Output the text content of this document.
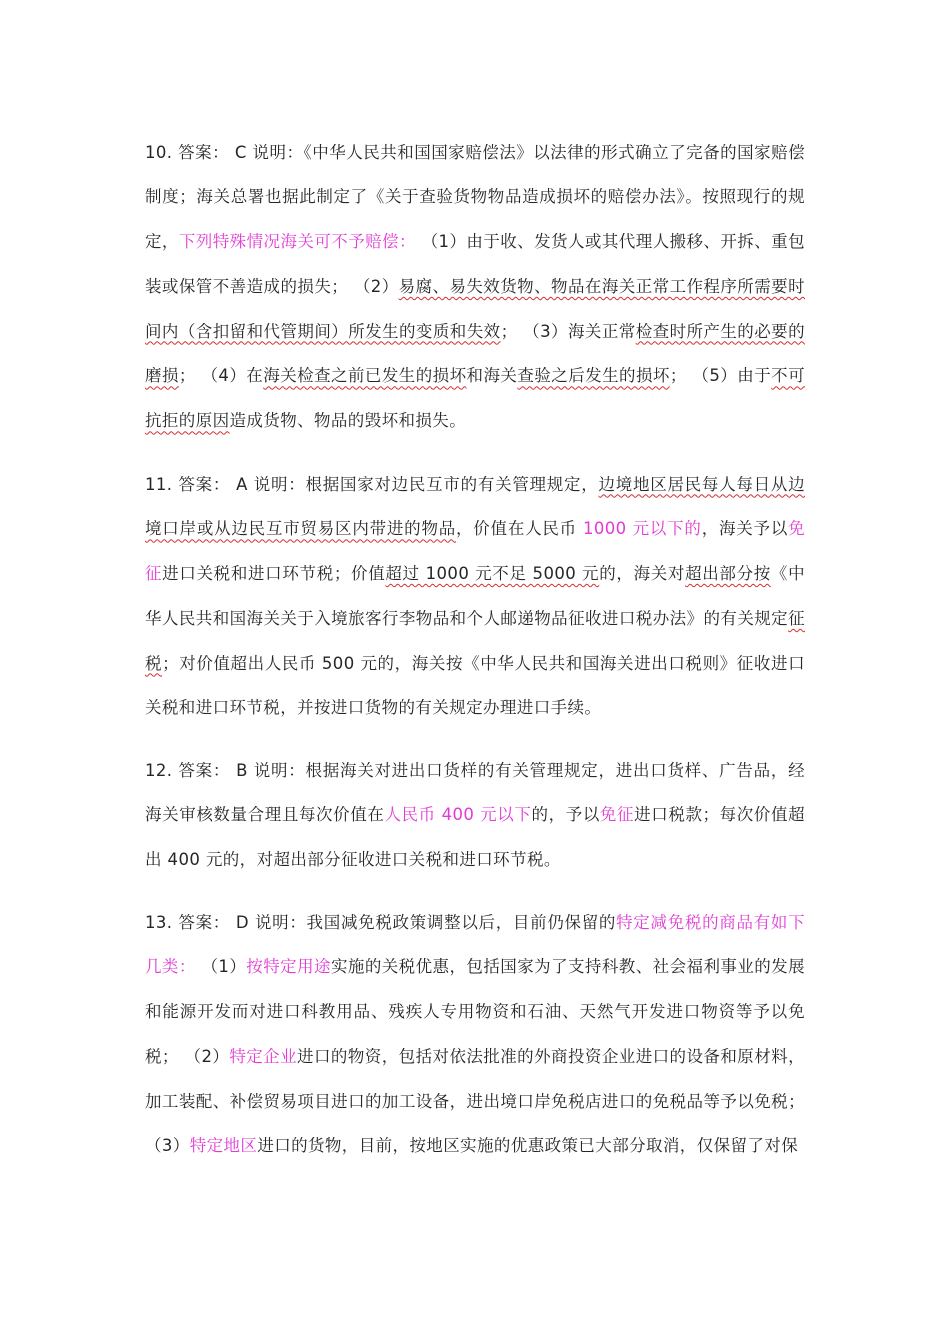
10. 答案： C 说明：《中华人民共和国国家赔偿法》以法律的形式确立了完备的国家赔偿制度；海关总署也据此制定了《关于查验货物物品造成损坏的赔偿办法》。按照现行的规定，下列特殊情况海关可不予赔偿： （1）由于收、发货人或其代理人搬移、开拆、重包装或保管不善造成的损失； （2）易腐、易失效货物、物品在海关正常工作程序所需要时间内（含扣留和代管期间）所发生的变质和失效； （3）海关正常检查时所产生的必要的磨损； （4）在海关检查之前已发生的损坏和海关查验之后发生的损坏； （5）由于不可抗拒的原因造成货物、物品的毁坏和损失。

11. 答案： A 说明：根据国家对边民互市的有关管理规定，边境地区居民每人每日从边境口岸或从边民互市贸易区内带进的物品，价值在人民币 1000 元以下的，海关予以免征进口关税和进口环节税；价值超过 1000 元不足 5000 元的，海关对超出部分按《中华人民共和国海关关于入境旅客行李物品和个人邮递物品征收进口税办法》的有关规定征税；对价值超出人民币 500 元的，海关按《中华人民共和国海关进出口税则》征收进口关税和进口环节税，并按进口货物的有关规定办理进口手续。

12. 答案： B 说明：根据海关对进出口货样的有关管理规定，进出口货样、广告品，经海关审核数量合理且每次价值在人民币 400 元以下的，予以免征进口税款；每次价值超出 400 元的，对超出部分征收进口关税和进口环节税。

13. 答案： D 说明：我国减免税政策调整以后，目前仍保留的特定减免税的商品有如下几类： （1）按特定用途实施的关税优惠，包括国家为了支持科教、社会福利事业的发展和能源开发而对进口科教用品、残疾人专用物资和石油、天然气开发进口物资等予以免税； （2）特定企业进口的物资，包括对依法批准的外商投资企业进口的设备和原材料，加工装配、补偿贸易项目进口的加工设备，进出境口岸免税店进口的免税品等予以免税； （3）特定地区进口的货物，目前，按地区实施的优惠政策已大部分取消，仅保留了对保
